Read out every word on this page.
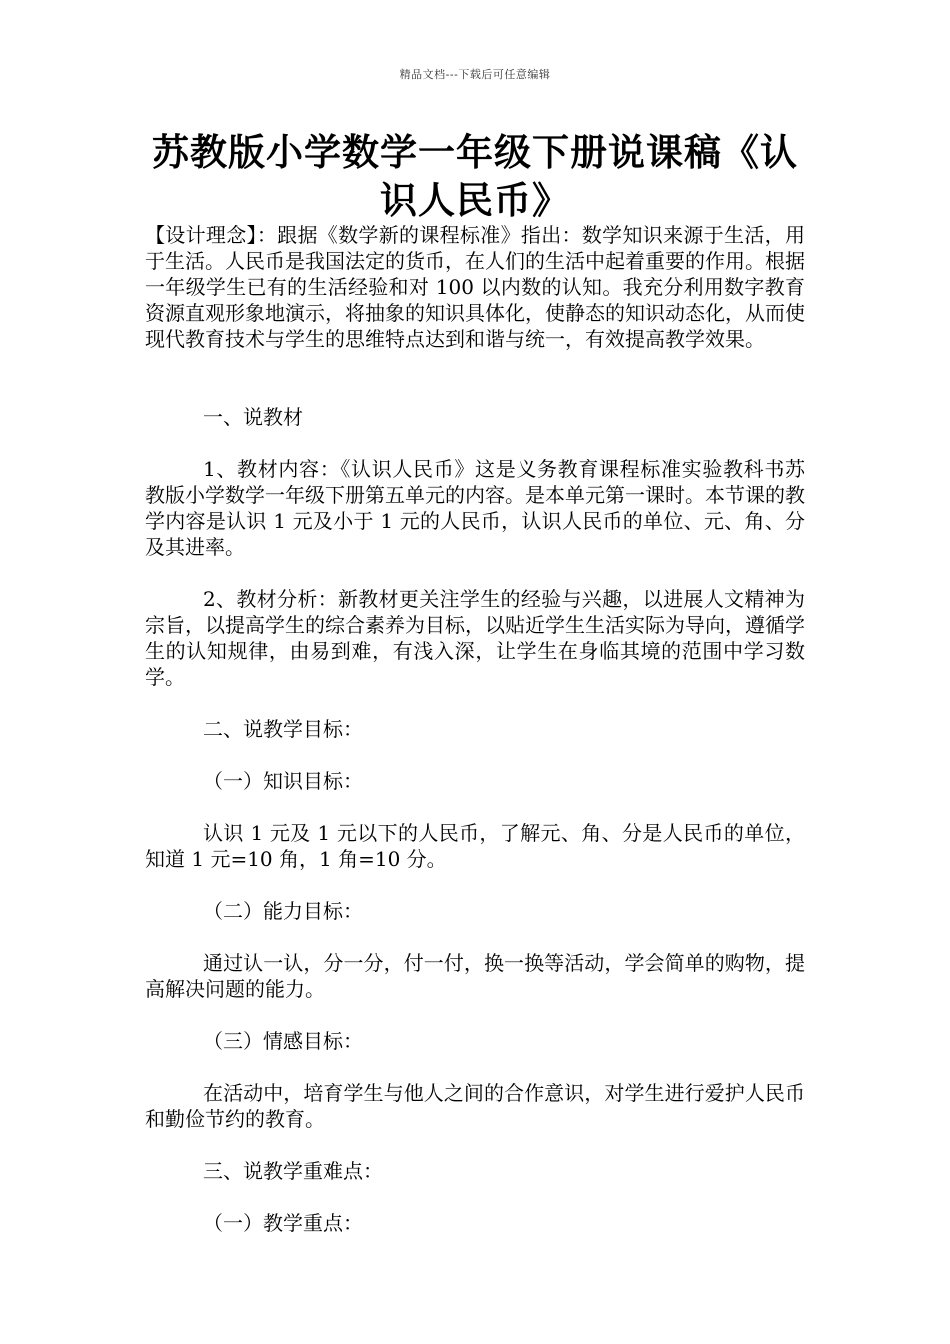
精品文档---下载后可任意编辑
苏教版小学数学一年级下册说课稿《认识人民币》

【设计理念】：跟据《数学新的课程标准》指出：数学知识来源于生活，用于生活。人民币是我国法定的货币，在人们的生活中起着重要的作用。根据一年级学生已有的生活经验和对 100 以内数的认知。我充分利用数字教育资源直观形象地演示，将抽象的知识具体化，使静态的知识动态化，从而使现代教育技术与学生的思维特点达到和谐与统一，有效提高教学效果。

一、说教材

1、教材内容：《认识人民币》这是义务教育课程标准实验教科书苏教版小学数学一年级下册第五单元的内容。是本单元第一课时。本节课的教学内容是认识 1 元及小于 1 元的人民币，认识人民币的单位、元、角、分及其进率。

2、教材分析：新教材更关注学生的经验与兴趣，以进展人文精神为宗旨，以提高学生的综合素养为目标，以贴近学生生活实际为导向，遵循学生的认知规律，由易到难，有浅入深，让学生在身临其境的范围中学习数学。

二、说教学目标：

（一）知识目标：

认识 1 元及 1 元以下的人民币，了解元、角、分是人民币的单位，知道 1 元=10 角，1 角=10 分。

（二）能力目标：

通过认一认，分一分，付一付，换一换等活动，学会简单的购物，提高解决问题的能力。

（三）情感目标：

在活动中，培育学生与他人之间的合作意识，对学生进行爱护人民币和勤俭节约的教育。

三、说教学重难点：

（一）教学重点：
